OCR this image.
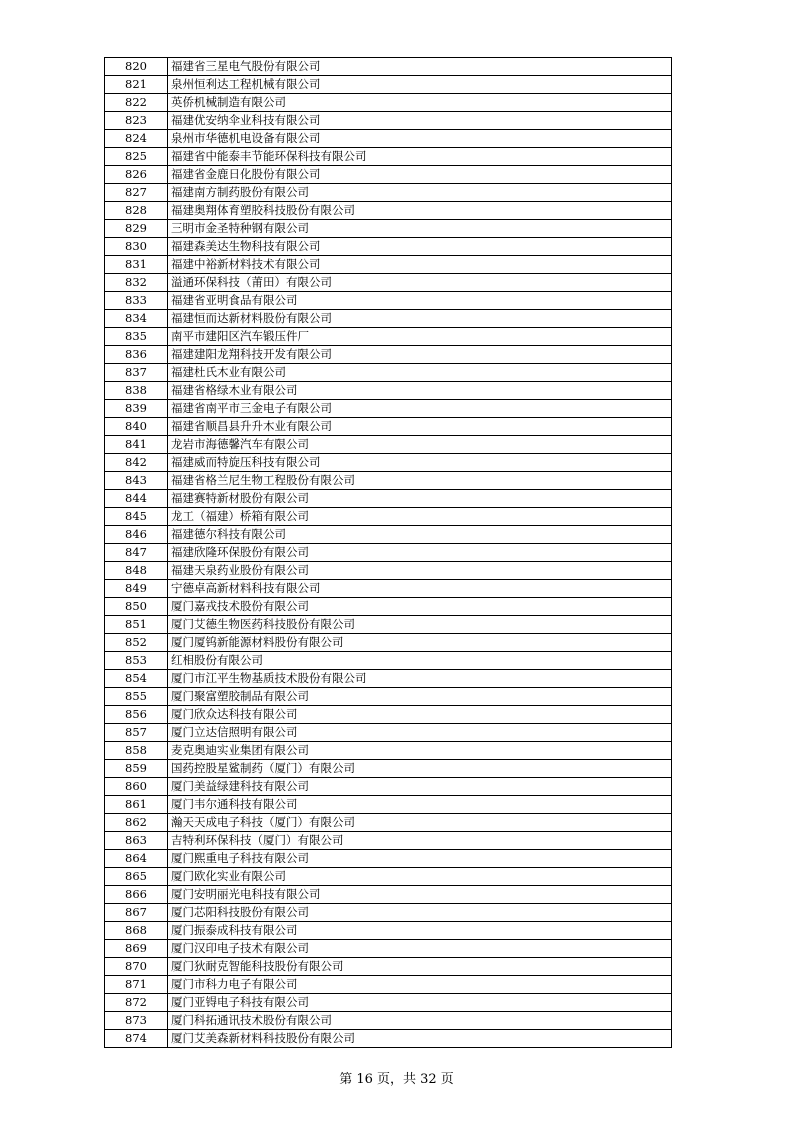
820	福建省三星电气股份有限公司
821	泉州恒利达工程机械有限公司
822	英侨机械制造有限公司
823	福建优安纳伞业科技有限公司
824	泉州市华德机电设备有限公司
825	福建省中能泰丰节能环保科技有限公司
826	福建省金鹿日化股份有限公司
827	福建南方制药股份有限公司
828	福建奥翔体育塑胶科技股份有限公司
829	三明市金圣特种钢有限公司
830	福建森美达生物科技有限公司
831	福建中裕新材料技术有限公司
832	溢通环保科技（莆田）有限公司
833	福建省亚明食品有限公司
834	福建恒而达新材料股份有限公司
835	南平市建阳区汽车锻压件厂
836	福建建阳龙翔科技开发有限公司
837	福建杜氏木业有限公司
838	福建省格绿木业有限公司
839	福建省南平市三金电子有限公司
840	福建省顺昌县升升木业有限公司
841	龙岩市海德馨汽车有限公司
842	福建威而特旋压科技有限公司
843	福建省格兰尼生物工程股份有限公司
844	福建赛特新材股份有限公司
845	龙工（福建）桥箱有限公司
846	福建德尔科技有限公司
847	福建欣隆环保股份有限公司
848	福建天泉药业股份有限公司
849	宁德卓高新材料科技有限公司
850	厦门嘉戎技术股份有限公司
851	厦门艾德生物医药科技股份有限公司
852	厦门厦钨新能源材料股份有限公司
853	红相股份有限公司
854	厦门市江平生物基质技术股份有限公司
855	厦门聚富塑胶制品有限公司
856	厦门欣众达科技有限公司
857	厦门立达信照明有限公司
858	麦克奥迪实业集团有限公司
859	国药控股星鲨制药（厦门）有限公司
860	厦门美益绿建科技有限公司
861	厦门韦尔通科技有限公司
862	瀚天天成电子科技（厦门）有限公司
863	吉特利环保科技（厦门）有限公司
864	厦门熙重电子科技有限公司
865	厦门欧化实业有限公司
866	厦门安明丽光电科技有限公司
867	厦门芯阳科技股份有限公司
868	厦门振泰成科技有限公司
869	厦门汉印电子技术有限公司
870	厦门狄耐克智能科技股份有限公司
871	厦门市科力电子有限公司
872	厦门亚锝电子科技有限公司
873	厦门科拓通讯技术股份有限公司
874	厦门艾美森新材料科技股份有限公司
第 16 页，共 32 页
